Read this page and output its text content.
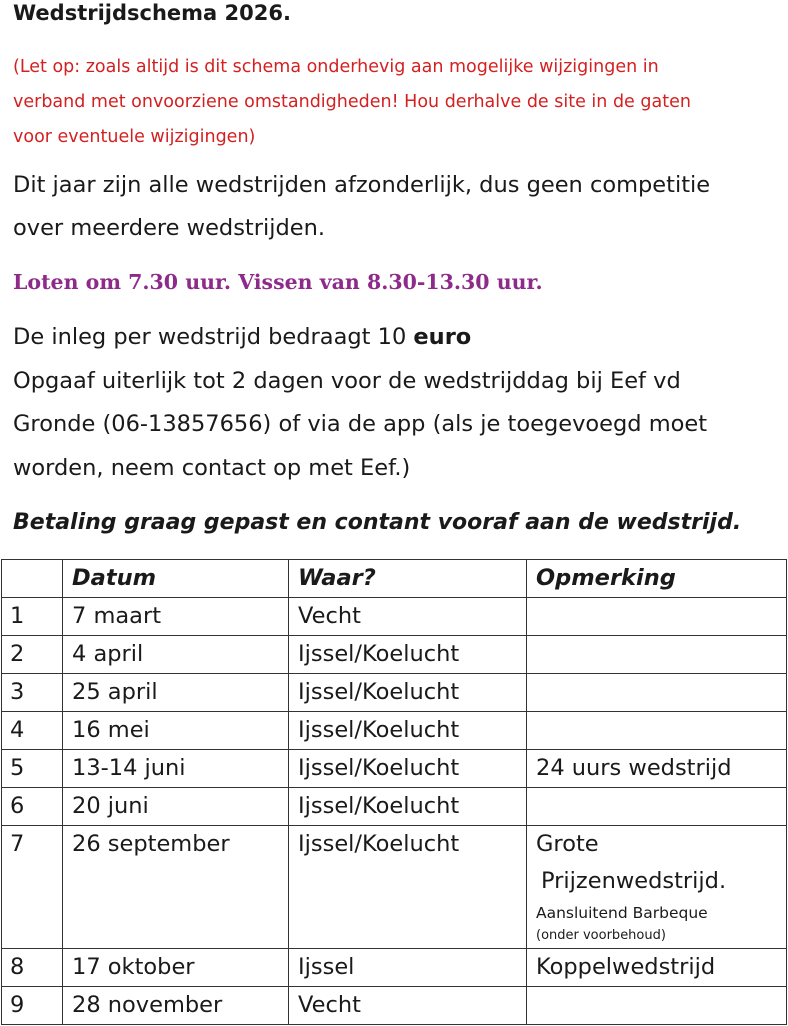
Wedstrijdschema 2026.
(Let op: zoals altijd is dit schema onderhevig aan mogelijke wijzigingen in
verband met onvoorziene omstandigheden! Hou derhalve de site in de gaten
voor eventuele wijzigingen)
Dit jaar zijn alle wedstrijden afzonderlijk, dus geen competitie
over meerdere wedstrijden.
Loten om 7.30 uur. Vissen van 8.30-13.30 uur.
De inleg per wedstrijd bedraagt 10 euro
Opgaaf uiterlijk tot 2 dagen voor de wedstrijddag bij Eef vd
Gronde (06-13857656) of via de app (als je toegevoegd moet
worden, neem contact op met Eef.)
Betaling graag gepast en contant vooraf aan de wedstrijd.
	Datum	Waar?	Opmerking
1	7 maart	Vecht	
2	4 april	Ijssel/Koelucht	
3	25 april	Ijssel/Koelucht	
4	16 mei	Ijssel/Koelucht	
5	13-14 juni	Ijssel/Koelucht	24 uurs wedstrijd
6	20 juni	Ijssel/Koelucht	
7	26 september	Ijssel/Koelucht	Grote
Prijzenwedstrijd.
Aansluitend Barbeque
(onder voorbehoud)

8	17 oktober	Ijssel	Koppelwedstrijd
9	28 november	Vecht	
